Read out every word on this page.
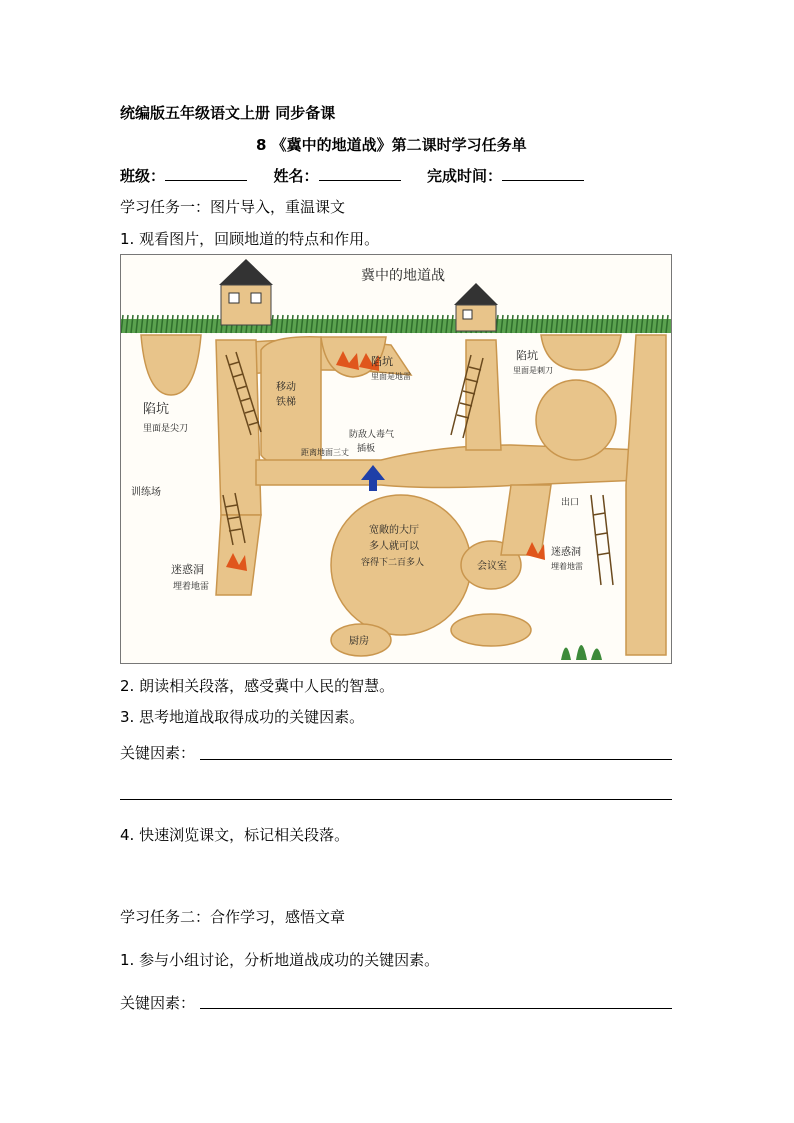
统编版五年级语文上册 同步备课
8 《冀中的地道战》第二课时学习任务单
班级：	姓名：	完成时间：
学习任务一：图片导入，重温课文
1. 观看图片，回顾地道的特点和作用。
冀中的地道战
陷坑
里面是尖刀
陷坑
里面是地雷
陷坑
里面是刺刀
移动
铁梯
距离地面三丈
训练场
迷惑洞
埋着地雷
迷惑洞
埋着地雷
宽敞的大厅
多人就可以
容得下二百多人	会议室
厨房
防敌人毒气
插板
出口
2. 朗读相关段落，感受冀中人民的智慧。
3. 思考地道战取得成功的关键因素。
关键因素：
4. 快速浏览课文，标记相关段落。
学习任务二：合作学习，感悟文章
1. 参与小组讨论，分析地道战成功的关键因素。
关键因素：
